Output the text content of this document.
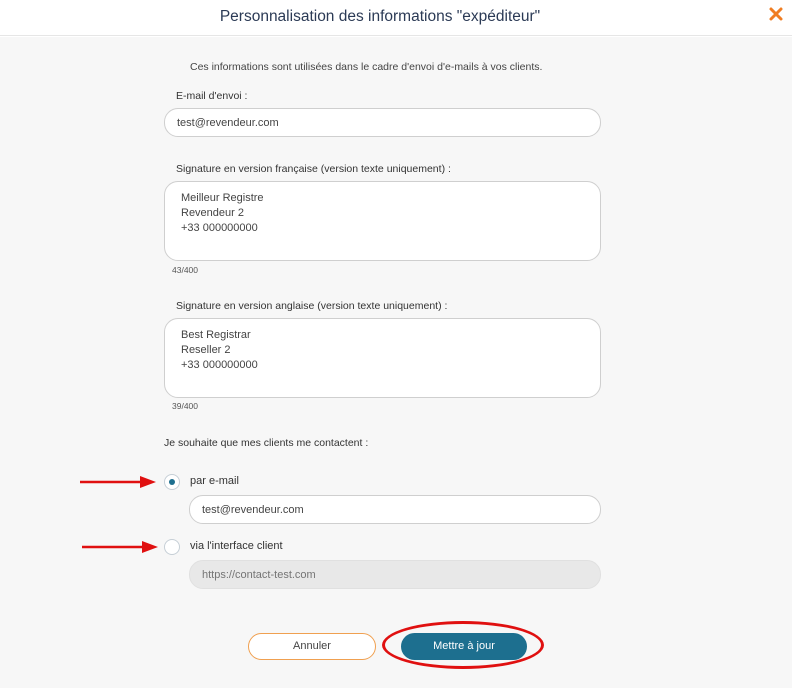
Personnalisation des informations "expéditeur"
Ces informations sont utilisées dans le cadre d'envoi d'e-mails à vos clients.
E-mail d'envoi :
test@revendeur.com
Signature en version française (version texte uniquement) :
Meilleur Registre Revendeur 2 +33 000000000
43/400
Signature en version anglaise (version texte uniquement) :
Best Registrar Reseller 2 +33 000000000
39/400
Je souhaite que mes clients me contactent :
par e-mail
test@revendeur.com
via l'interface client
https://contact-test.com
Annuler	Mettre à jour
